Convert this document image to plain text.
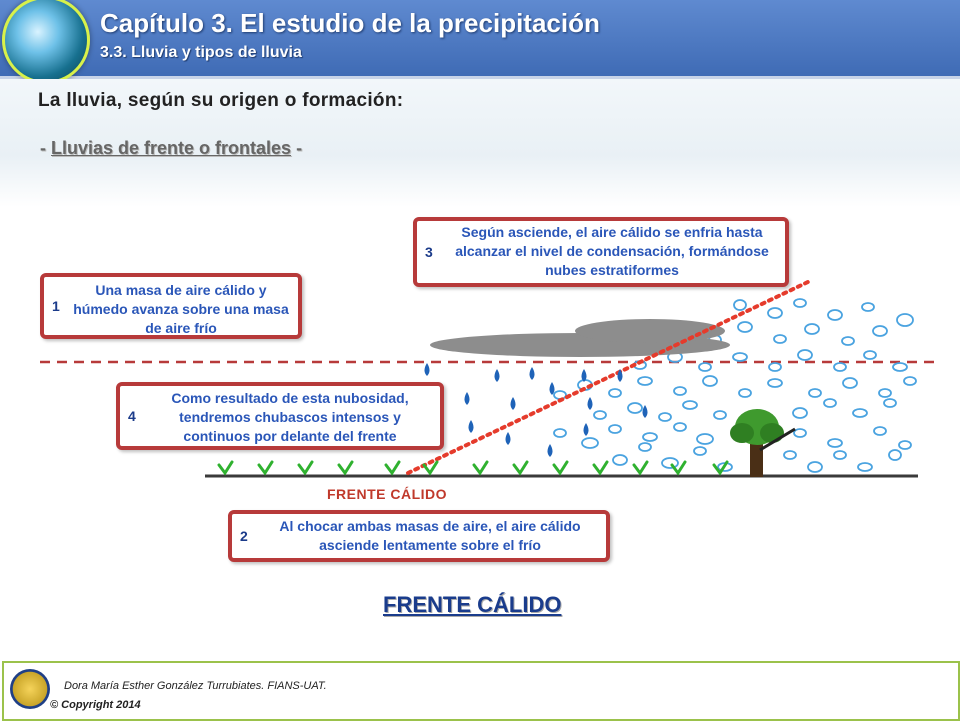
Capítulo 3. El estudio de la precipitación
3.3. Lluvia y tipos de lluvia
La lluvia, según su origen o formación:
- Lluvias de frente o frontales -
1
Una masa de aire cálido y húmedo avanza sobre una masa de aire frío
2
Al chocar ambas masas de aire, el aire cálido asciende lentamente sobre el frío
3
Según asciende, el aire cálido se enfria hasta alcanzar el nivel de condensación, formándose nubes estratiformes
4
Como resultado de esta nubosidad, tendremos chubascos intensos y continuos por delante del frente
FRENTE CÁLIDO
FRENTE CÁLIDO
Dora María Esther González Turrubiates. FIANS-UAT.
© Copyright 2014
